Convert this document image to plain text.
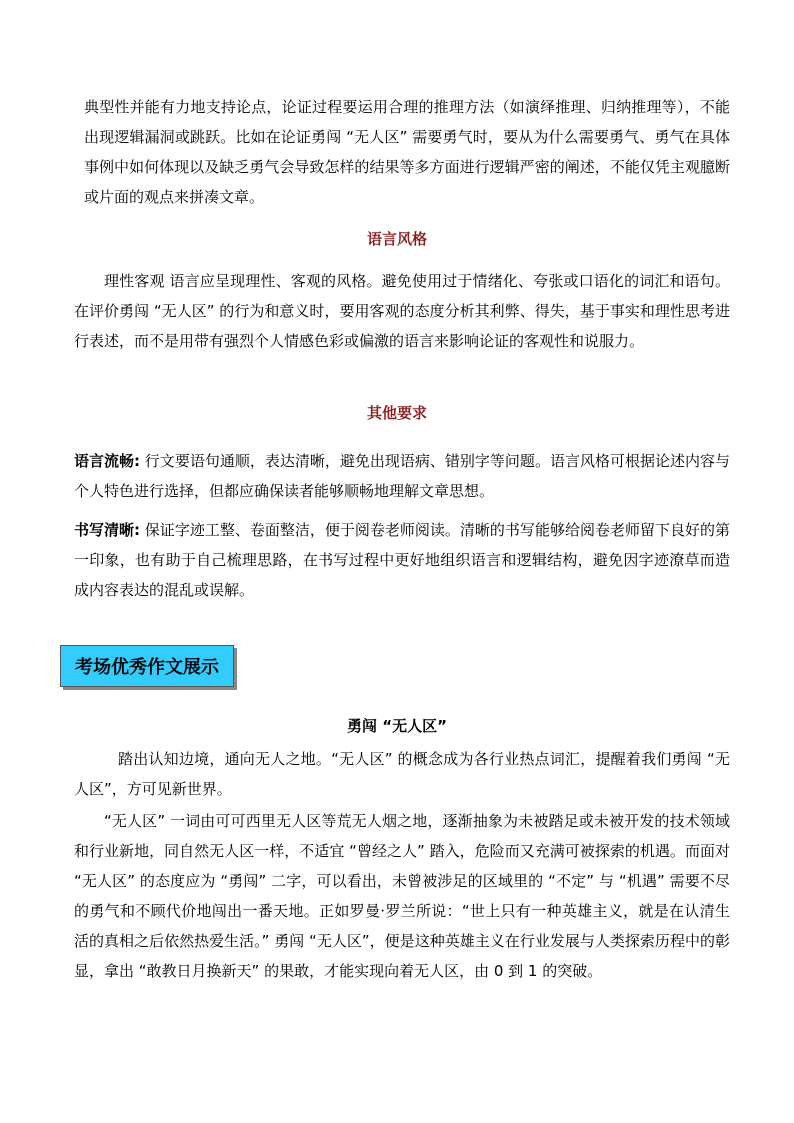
典型性并能有力地支持论点，论证过程要运用合理的推理方法（如演绎推理、归纳推理等），不能出现逻辑漏洞或跳跃。比如在论证勇闯 “无人区” 需要勇气时，要从为什么需要勇气、勇气在具体事例中如何体现以及缺乏勇气会导致怎样的结果等多方面进行逻辑严密的阐述，不能仅凭主观臆断或片面的观点来拼凑文章。

语言风格

理性客观 语言应呈现理性、客观的风格。避免使用过于情绪化、夸张或口语化的词汇和语句。在评价勇闯 “无人区” 的行为和意义时，要用客观的态度分析其利弊、得失，基于事实和理性思考进行表述，而不是用带有强烈个人情感色彩或偏激的语言来影响论证的客观性和说服力。

其他要求

语言流畅: 行文要语句通顺，表达清晰，避免出现语病、错别字等问题。语言风格可根据论述内容与个人特色进行选择，但都应确保读者能够顺畅地理解文章思想。

书写清晰: 保证字迹工整、卷面整洁，便于阅卷老师阅读。清晰的书写能够给阅卷老师留下良好的第一印象，也有助于自己梳理思路，在书写过程中更好地组织语言和逻辑结构，避免因字迹潦草而造成内容表达的混乱或误解。

考场优秀作文展示

勇闯 “无人区”

踏出认知边境，通向无人之地。“无人区” 的概念成为各行业热点词汇，提醒着我们勇闯 “无人区”，方可见新世界。

“无人区” 一词由可可西里无人区等荒无人烟之地，逐渐抽象为未被踏足或未被开发的技术领域和行业新地，同自然无人区一样，不适宜 “曾经之人” 踏入，危险而又充满可被探索的机遇。而面对 “无人区” 的态度应为 “勇闯” 二字，可以看出，未曾被涉足的区域里的 “不定” 与 “机遇” 需要不尽的勇气和不顾代价地闯出一番天地。正如罗曼·罗兰所说：“世上只有一种英雄主义，就是在认清生活的真相之后依然热爱生活。” 勇闯 “无人区”，便是这种英雄主义在行业发展与人类探索历程中的彰显，拿出 “敢教日月换新天” 的果敢，才能实现向着无人区，由 0 到 1 的突破。
